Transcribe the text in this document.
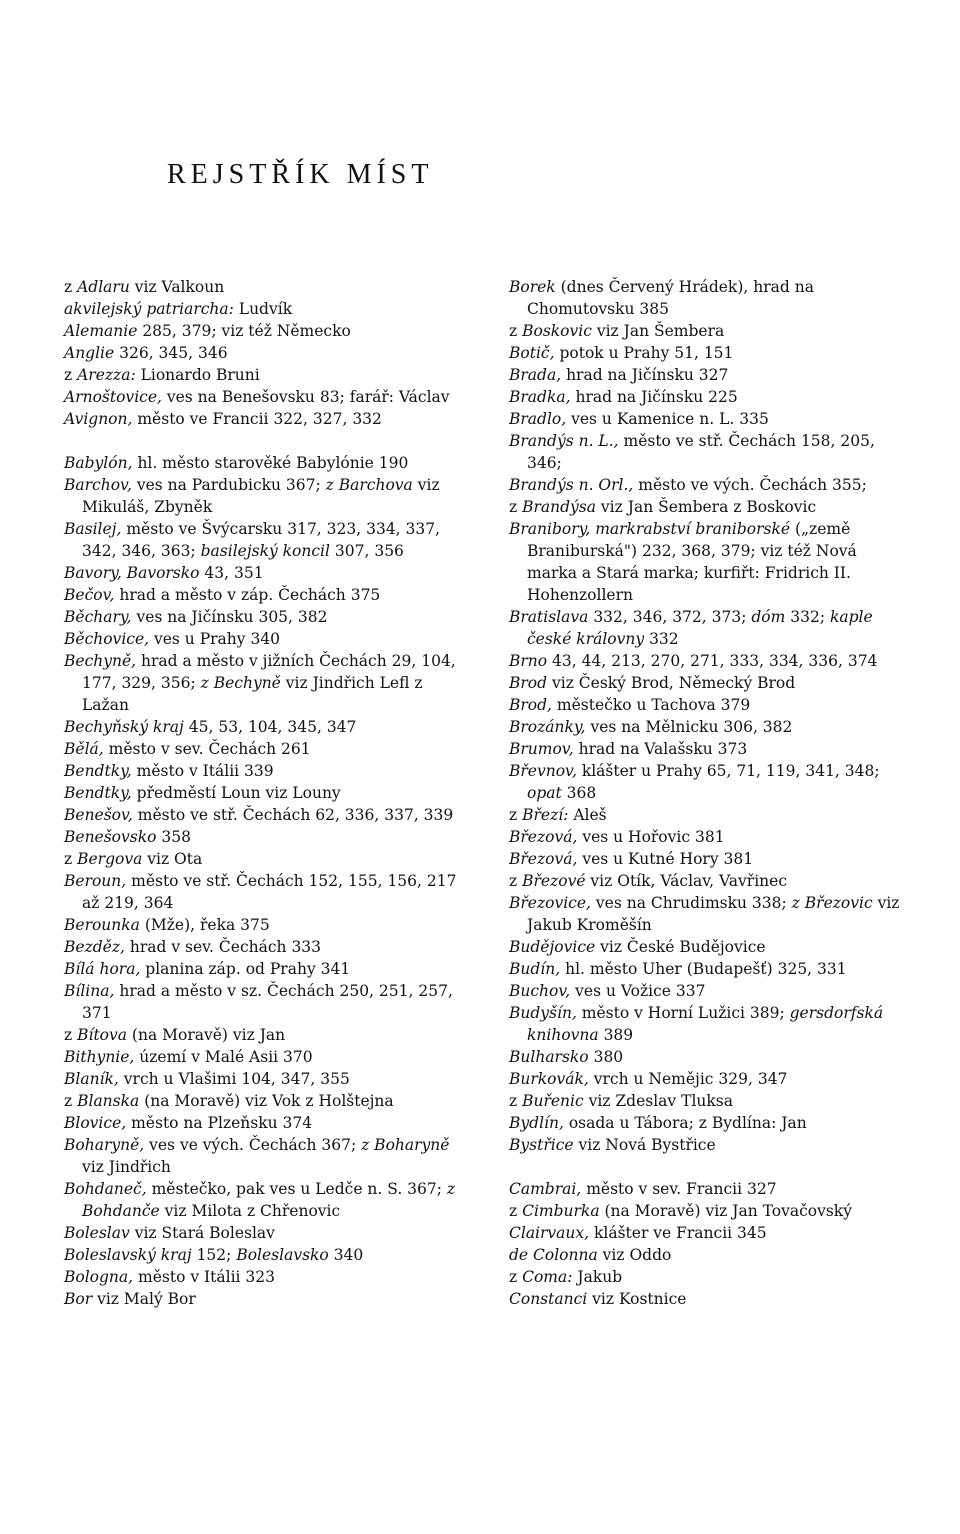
REJSTŘÍK MÍST

z Adlaru viz Valkoun

akvilejský patriarcha: Ludvík

Alemanie 285, 379; viz též Německo

Anglie 326, 345, 346

z Arezza: Lionardo Bruni

Arnoštovice, ves na Benešovsku 83; farář: Václav

Avignon, město ve Francii 322, 327, 332

Babylón, hl. město starověké Babylónie 190

Barchov, ves na Pardubicku 367; z Barchova viz Mikuláš, Zbyněk

Basilej, město ve Švýcarsku 317, 323, 334, 337, 342, 346, 363; basilejský koncil 307, 356

Bavory, Bavorsko 43, 351

Bečov, hrad a město v záp. Čechách 375

Běchary, ves na Jičínsku 305, 382

Běchovice, ves u Prahy 340

Bechyně, hrad a město v jižních Čechách 29, 104, 177, 329, 356; z Bechyně viz Jindřich Lefl z Lažan

Bechyňský kraj 45, 53, 104, 345, 347

Bělá, město v sev. Čechách 261

Bendtky, město v Itálii 339

Bendtky, předměstí Loun viz Louny

Benešov, město ve stř. Čechách 62, 336, 337, 339

Benešovsko 358

z Bergova viz Ota

Beroun, město ve stř. Čechách 152, 155, 156, 217 až 219, 364

Berounka (Mže), řeka 375

Bezděz, hrad v sev. Čechách 333

Bílá hora, planina záp. od Prahy 341

Bílina, hrad a město v sz. Čechách 250, 251, 257, 371

z Bítova (na Moravě) viz Jan

Bithynie, území v Malé Asii 370

Blaník, vrch u Vlašimi 104, 347, 355

z Blanska (na Moravě) viz Vok z Holštejna

Blovice, město na Plzeňsku 374

Boharyně, ves ve vých. Čechách 367; z Boharyně viz Jindřich

Bohdaneč, městečko, pak ves u Ledče n. S. 367; z Bohdanče viz Milota z Chřenovic

Boleslav viz Stará Boleslav

Boleslavský kraj 152; Boleslavsko 340

Bologna, město v Itálii 323

Bor viz Malý Bor

Borek (dnes Červený Hrádek), hrad na Chomutovsku 385

z Boskovic viz Jan Šembera

Botič, potok u Prahy 51, 151

Brada, hrad na Jičínsku 327

Bradka, hrad na Jičínsku 225

Bradlo, ves u Kamenice n. L. 335

Brandýs n. L., město ve stř. Čechách 158, 205, 346;

Brandýs n. Orl., město ve vých. Čechách 355;

z Brandýsa viz Jan Šembera z Boskovic

Branibory, markrabství braniborské („země Braniburská") 232, 368, 379; viz též Nová marka a Stará marka; kurfiřt: Fridrich II. Hohenzollern

Bratislava 332, 346, 372, 373; dóm 332; kaple české královny 332

Brno 43, 44, 213, 270, 271, 333, 334, 336, 374

Brod viz Český Brod, Německý Brod

Brod, městečko u Tachova 379

Brozánky, ves na Mělnicku 306, 382

Brumov, hrad na Valašsku 373

Břevnov, klášter u Prahy 65, 71, 119, 341, 348; opat 368

z Březí: Aleš

Březová, ves u Hořovic 381

Březová, ves u Kutné Hory 381

z Březové viz Otík, Václav, Vavřinec

Březovice, ves na Chrudimsku 338; z Březovic viz Jakub Kroměšín

Budějovice viz České Budějovice

Budín, hl. město Uher (Budapešť) 325, 331

Buchov, ves u Vožice 337

Budyšín, město v Horní Lužici 389; gersdorfská knihovna 389

Bulharsko 380

Burkovák, vrch u Nemějic 329, 347

z Buřenic viz Zdeslav Tluksa

Bydlín, osada u Tábora; z Bydlína: Jan

Bystřice viz Nová Bystřice

Cambrai, město v sev. Francii 327

z Cimburka (na Moravě) viz Jan Tovačovský

Clairvaux, klášter ve Francii 345

de Colonna viz Oddo

z Coma: Jakub

Constanci viz Kostnice
